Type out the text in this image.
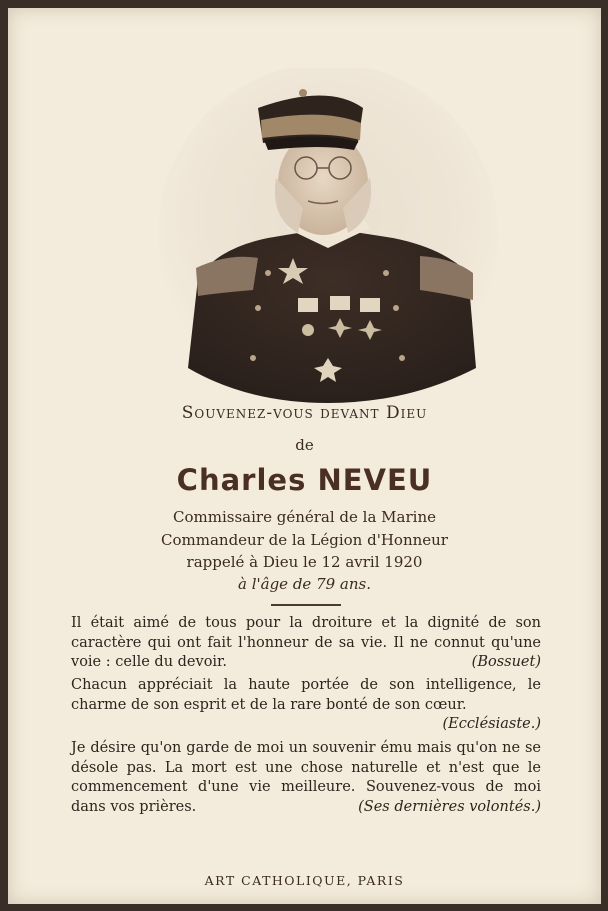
Souvenez-vous devant Dieu
de
Charles NEVEU
Commissaire général de la Marine
Commandeur de la Légion d'Honneur
rappelé à Dieu le 12 avril 1920
à l'âge de 79 ans.
Il était aimé de tous pour la droiture et la dignité de son caractère qui ont fait l'honneur de sa vie. Il ne connut qu'une voie : celle du devoir.	(Bossuet)
Chacun appréciait la haute portée de son intelligence, le charme de son esprit et de la rare bonté de son cœur.
(Ecclésiaste.)
Je désire qu'on garde de moi un souvenir ému mais qu'on ne se désole pas. La mort est une chose naturelle et n'est que le commencement d'une vie meilleure. Souvenez-vous de moi dans vos prières.	(Ses dernières volontés.)
ART CATHOLIQUE, PARIS
